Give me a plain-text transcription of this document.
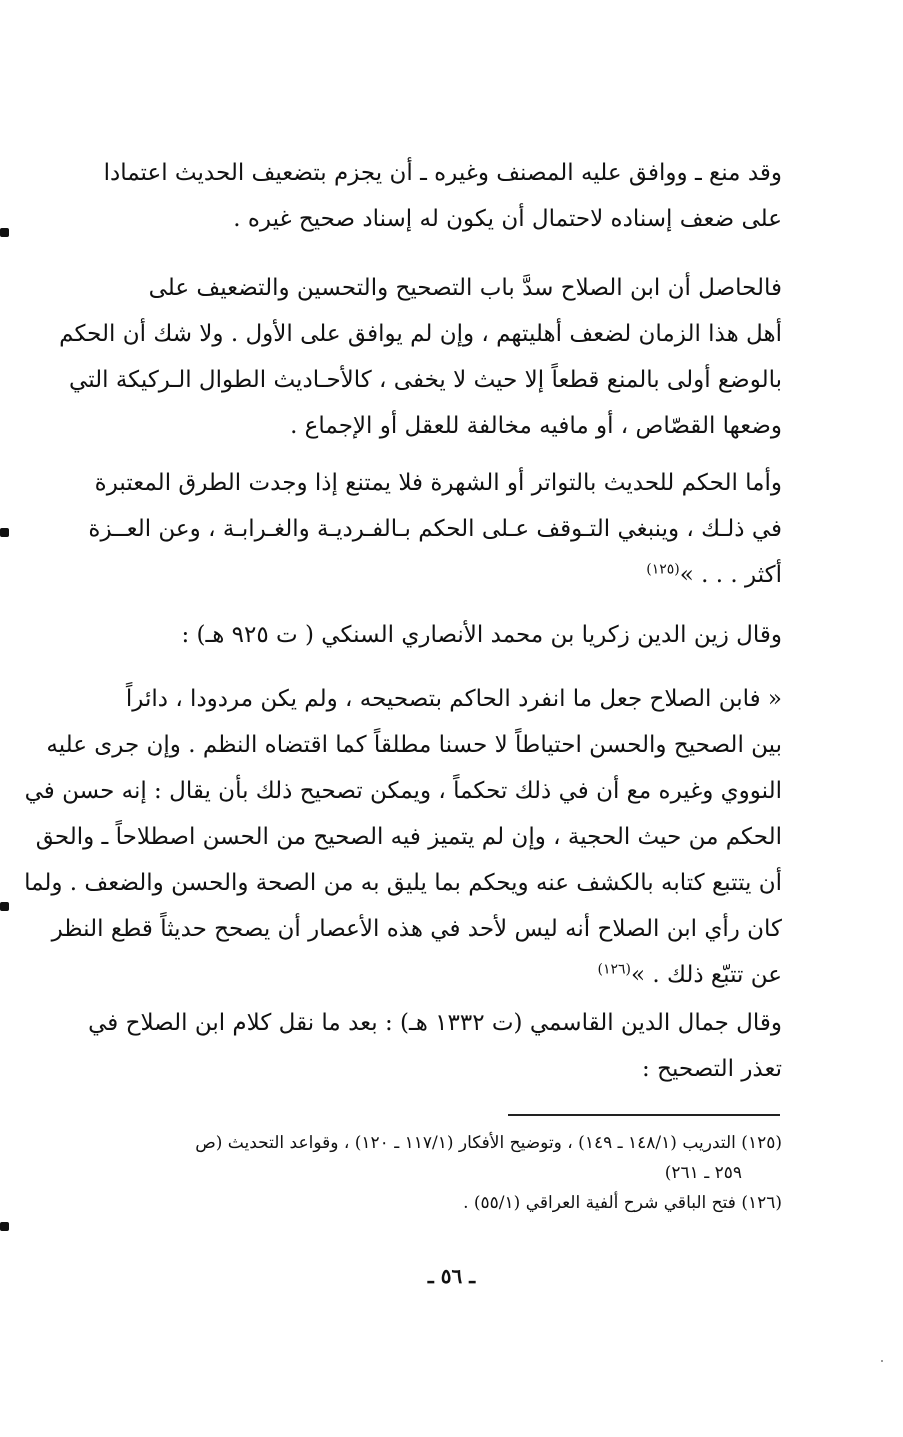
وقد منع ـ ووافق عليه المصنف وغيره ـ أن يجزم بتضعيف الحديث اعتمادا
على ضعف إسناده لاحتمال أن يكون له إسناد صحيح غيره .
فالحاصل أن ابن الصلاح سدَّ باب التصحيح والتحسين والتضعيف على
أهل هذا الزمان لضعف أهليتهم ، وإن لم يوافق على الأول . ولا شك أن الحكم
بالوضع أولى بالمنع قطعاً إلا حيث لا يخفى ، كالأحـاديث الطوال الـركيكة التي
وضعها القصّاص ، أو مافيه مخالفة للعقل أو الإجماع .
وأما الحكم للحديث بالتواتر أو الشهرة فلا يمتنع إذا وجدت الطرق المعتبرة
في ذلـك ، وينبغي التـوقف عـلى الحكم بـالفـرديـة والغـرابـة ، وعن العــزة
أكثر . . . »$^{(١٢٥)}$
وقال زين الدين زكريا بن محمد الأنصاري السنكي ( ت ٩٢٥ هـ) :
« فابن الصلاح جعل ما انفرد الحاكم بتصحيحه ، ولم يكن مردودا ، دائراً
بين الصحيح والحسن احتياطاً لا حسنا مطلقاً كما اقتضاه النظم . وإن جرى عليه
النووي وغيره مع أن في ذلك تحكماً ، ويمكن تصحيح ذلك بأن يقال : إنه حسن في
الحكم من حيث الحجية ، وإن لم يتميز فيه الصحيح من الحسن اصطلاحاً ـ والحق
أن يتتبع كتابه بالكشف عنه ويحكم بما يليق به من الصحة والحسن والضعف . ولما
كان رأي ابن الصلاح أنه ليس لأحد في هذه الأعصار أن يصحح حديثاً قطع النظر
عن تتبّع ذلك . »$^{(١٢٦)}$
وقال جمال الدين القاسمي (ت ١٣٣٢ هـ) : بعد ما نقل كلام ابن الصلاح في
تعذر التصحيح :
(١٢٥) التدريب (١٤٨/١ ـ ١٤٩) ، وتوضيح الأفكار (١١٧/١ ـ ١٢٠) ، وقواعد التحديث (ص
٢٥٩ ـ ٢٦١)
(١٢٦) فتح الباقي شرح ألفية العراقي (٥٥/١) .
ـ ٥٦ ـ
